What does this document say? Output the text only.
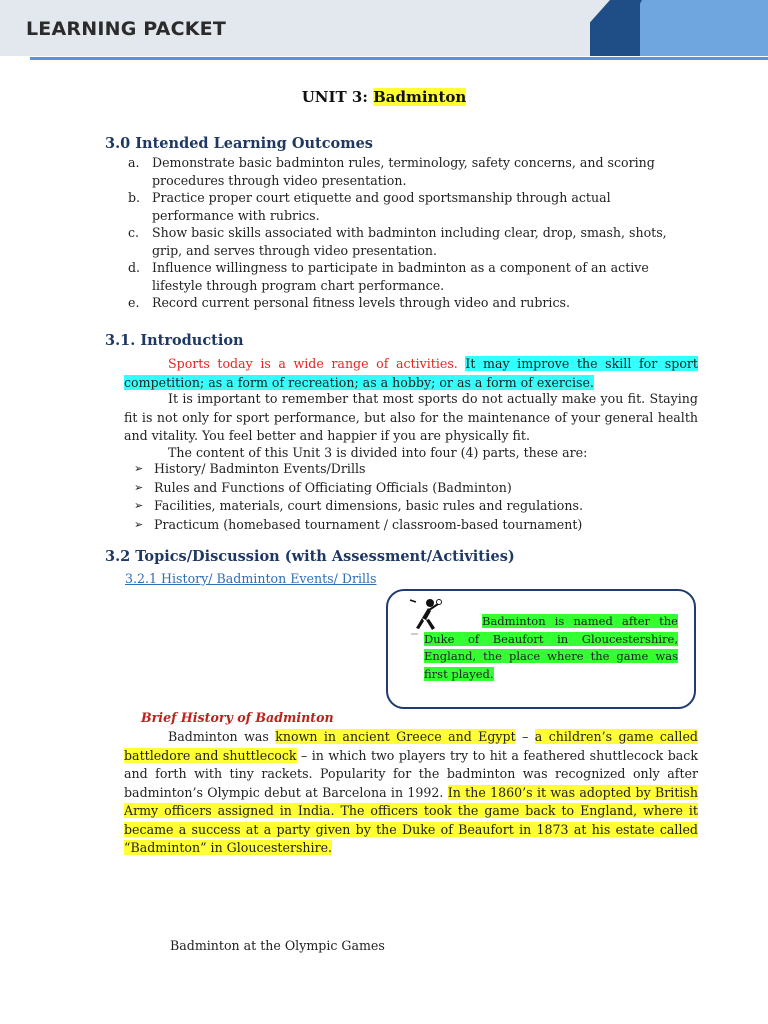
LEARNING PACKET
UNIT 3: Badminton
3.0 Intended Learning Outcomes
a. Demonstrate basic badminton rules, terminology, safety concerns, and scoring procedures through video presentation.
b. Practice proper court etiquette and good sportsmanship through actual performance with rubrics.
c. Show basic skills associated with badminton including clear, drop, smash, shots, grip, and serves through video presentation.
d. Influence willingness to participate in badminton as a component of an active lifestyle through program chart performance.
e. Record current personal fitness levels through video and rubrics.
3.1. Introduction

Sports today is a wide range of activities. It may improve the skill for sport competition; as a form of recreation; as a hobby; or as a form of exercise.

It is important to remember that most sports do not actually make you fit. Staying fit is not only for sport performance, but also for the maintenance of your general health and vitality. You feel better and happier if you are physically fit.

The content of this Unit 3 is divided into four (4) parts, these are:

➢ History/ Badminton Events/Drills
➢ Rules and Functions of Officiating Officials (Badminton)
➢ Facilities, materials, court dimensions, basic rules and regulations.
➢ Practicum (homebased tournament / classroom-based tournament)
3.2 Topics/Discussion (with Assessment/Activities)
3.2.1 History/ Badminton Events/ Drills
Badminton is named after the Duke of Beaufort in Gloucestershire, England, the place where the game was first played.
Brief History of Badminton

Badminton was known in ancient Greece and Egypt – a children’s game called battledore and shuttlecock – in which two players try to hit a feathered shuttlecock back and forth with tiny rackets. Popularity for the badminton was recognized only after badminton’s Olympic debut at Barcelona in 1992. In the 1860’s it was adopted by British Army officers assigned in India. The officers took the game back to England, where it became a success at a party given by the Duke of Beaufort in 1873 at his estate called “Badminton” in Gloucestershire.

Badminton at the Olympic Games
